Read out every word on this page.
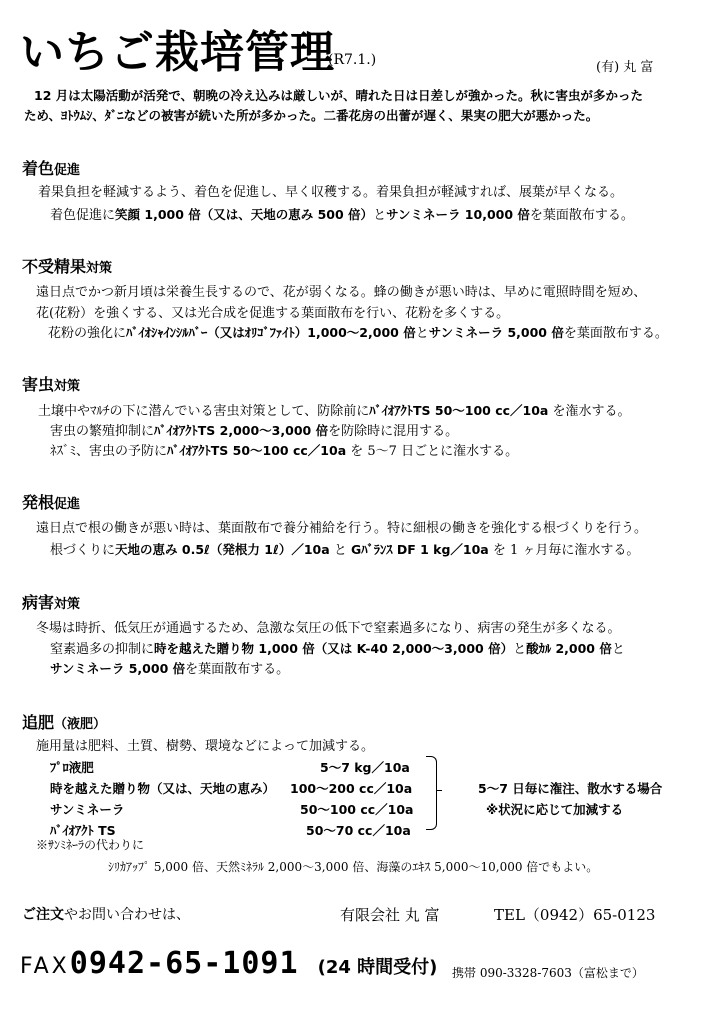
いちご栽培管理
(R7.1.)	(有) 丸 富

12 月は太陽活動が活発で、朝晩の冷え込みは厳しいが、晴れた日は日差しが強かった。秋に害虫が多かった

ため、ﾖﾄｳﾑｼ、ﾀﾞﾆなどの被害が続いた所が多かった。二番花房の出蕾が遅く、果実の肥大が悪かった。

着色促進
着果負担を軽減するよう、着色を促進し、早く収穫する。着果負担が軽減すれば、展葉が早くなる。
着色促進に笑顔 1,000 倍（又は、天地の恵み 500 倍）とサンミネーラ 10,000 倍を葉面散布する。
不受精果対策
遠日点でかつ新月頃は栄養生長するので、花が弱くなる。蜂の働きが悪い時は、早めに電照時間を短め、
花(花粉）を強くする、又は光合成を促進する葉面散布を行い、花粉を多くする。
花粉の強化にﾊﾞｲｵｼｬｲﾝｼﾙﾊﾞｰ（又はｵﾘｺﾞﾌｧｲﾄ）1,000～2,000 倍とサンミネーラ 5,000 倍を葉面散布する。
害虫対策
土壌中やﾏﾙﾁの下に潜んでいる害虫対策として、防除前にﾊﾞｲｵｱｸﾄTS 50～100 cc／10a を潅水する。
害虫の繁殖抑制にﾊﾞｲｵｱｸﾄTS 2,000～3,000 倍を防除時に混用する。
ﾈｽﾞﾐ、害虫の予防にﾊﾞｲｵｱｸﾄTS 50～100 cc／10a を 5～7 日ごとに潅水する。
発根促進
遠日点で根の働きが悪い時は、葉面散布で養分補給を行う。特に細根の働きを強化する根づくりを行う。
根づくりに天地の恵み 0.5ℓ（発根力 1ℓ）／10a と Gﾊﾞﾗﾝｽ DF 1 kg／10a を 1 ヶ月毎に潅水する。
病害対策
冬場は時折、低気圧が通過するため、急激な気圧の低下で窒素過多になり、病害の発生が多くなる。
窒素過多の抑制に時を越えた贈り物 1,000 倍（又は K-40 2,000～3,000 倍）と酸ｶﾙ 2,000 倍と
サンミネーラ 5,000 倍を葉面散布する。
追肥（液肥）
施用量は肥料、土質、樹勢、環境などによって加減する。
ﾌﾟﾛ液肥	5～7 kg／10a
時を越えた贈り物（又は、天地の恵み） 100～200 cc／10a
サンミネーラ	50～100 cc／10a
ﾊﾞｲｵｱｸﾄ TS	50～70 cc／10a
5～7 日毎に潅注、散水する場合
※状況に応じて加減する
※ｻﾝﾐﾈｰﾗの代わりに
ｼﾘｶｱｯﾌﾟ 5,000 倍、天然ﾐﾈﾗﾙ 2,000～3,000 倍、海藻のｴｷｽ 5,000～10,000 倍でもよい。
ご注文やお問い合わせは、	有限会社 丸 富	TEL（0942）65-0123
FAX0942-65-1091 (24 時間受付) 携帯 090-3328-7603（富松まで）
